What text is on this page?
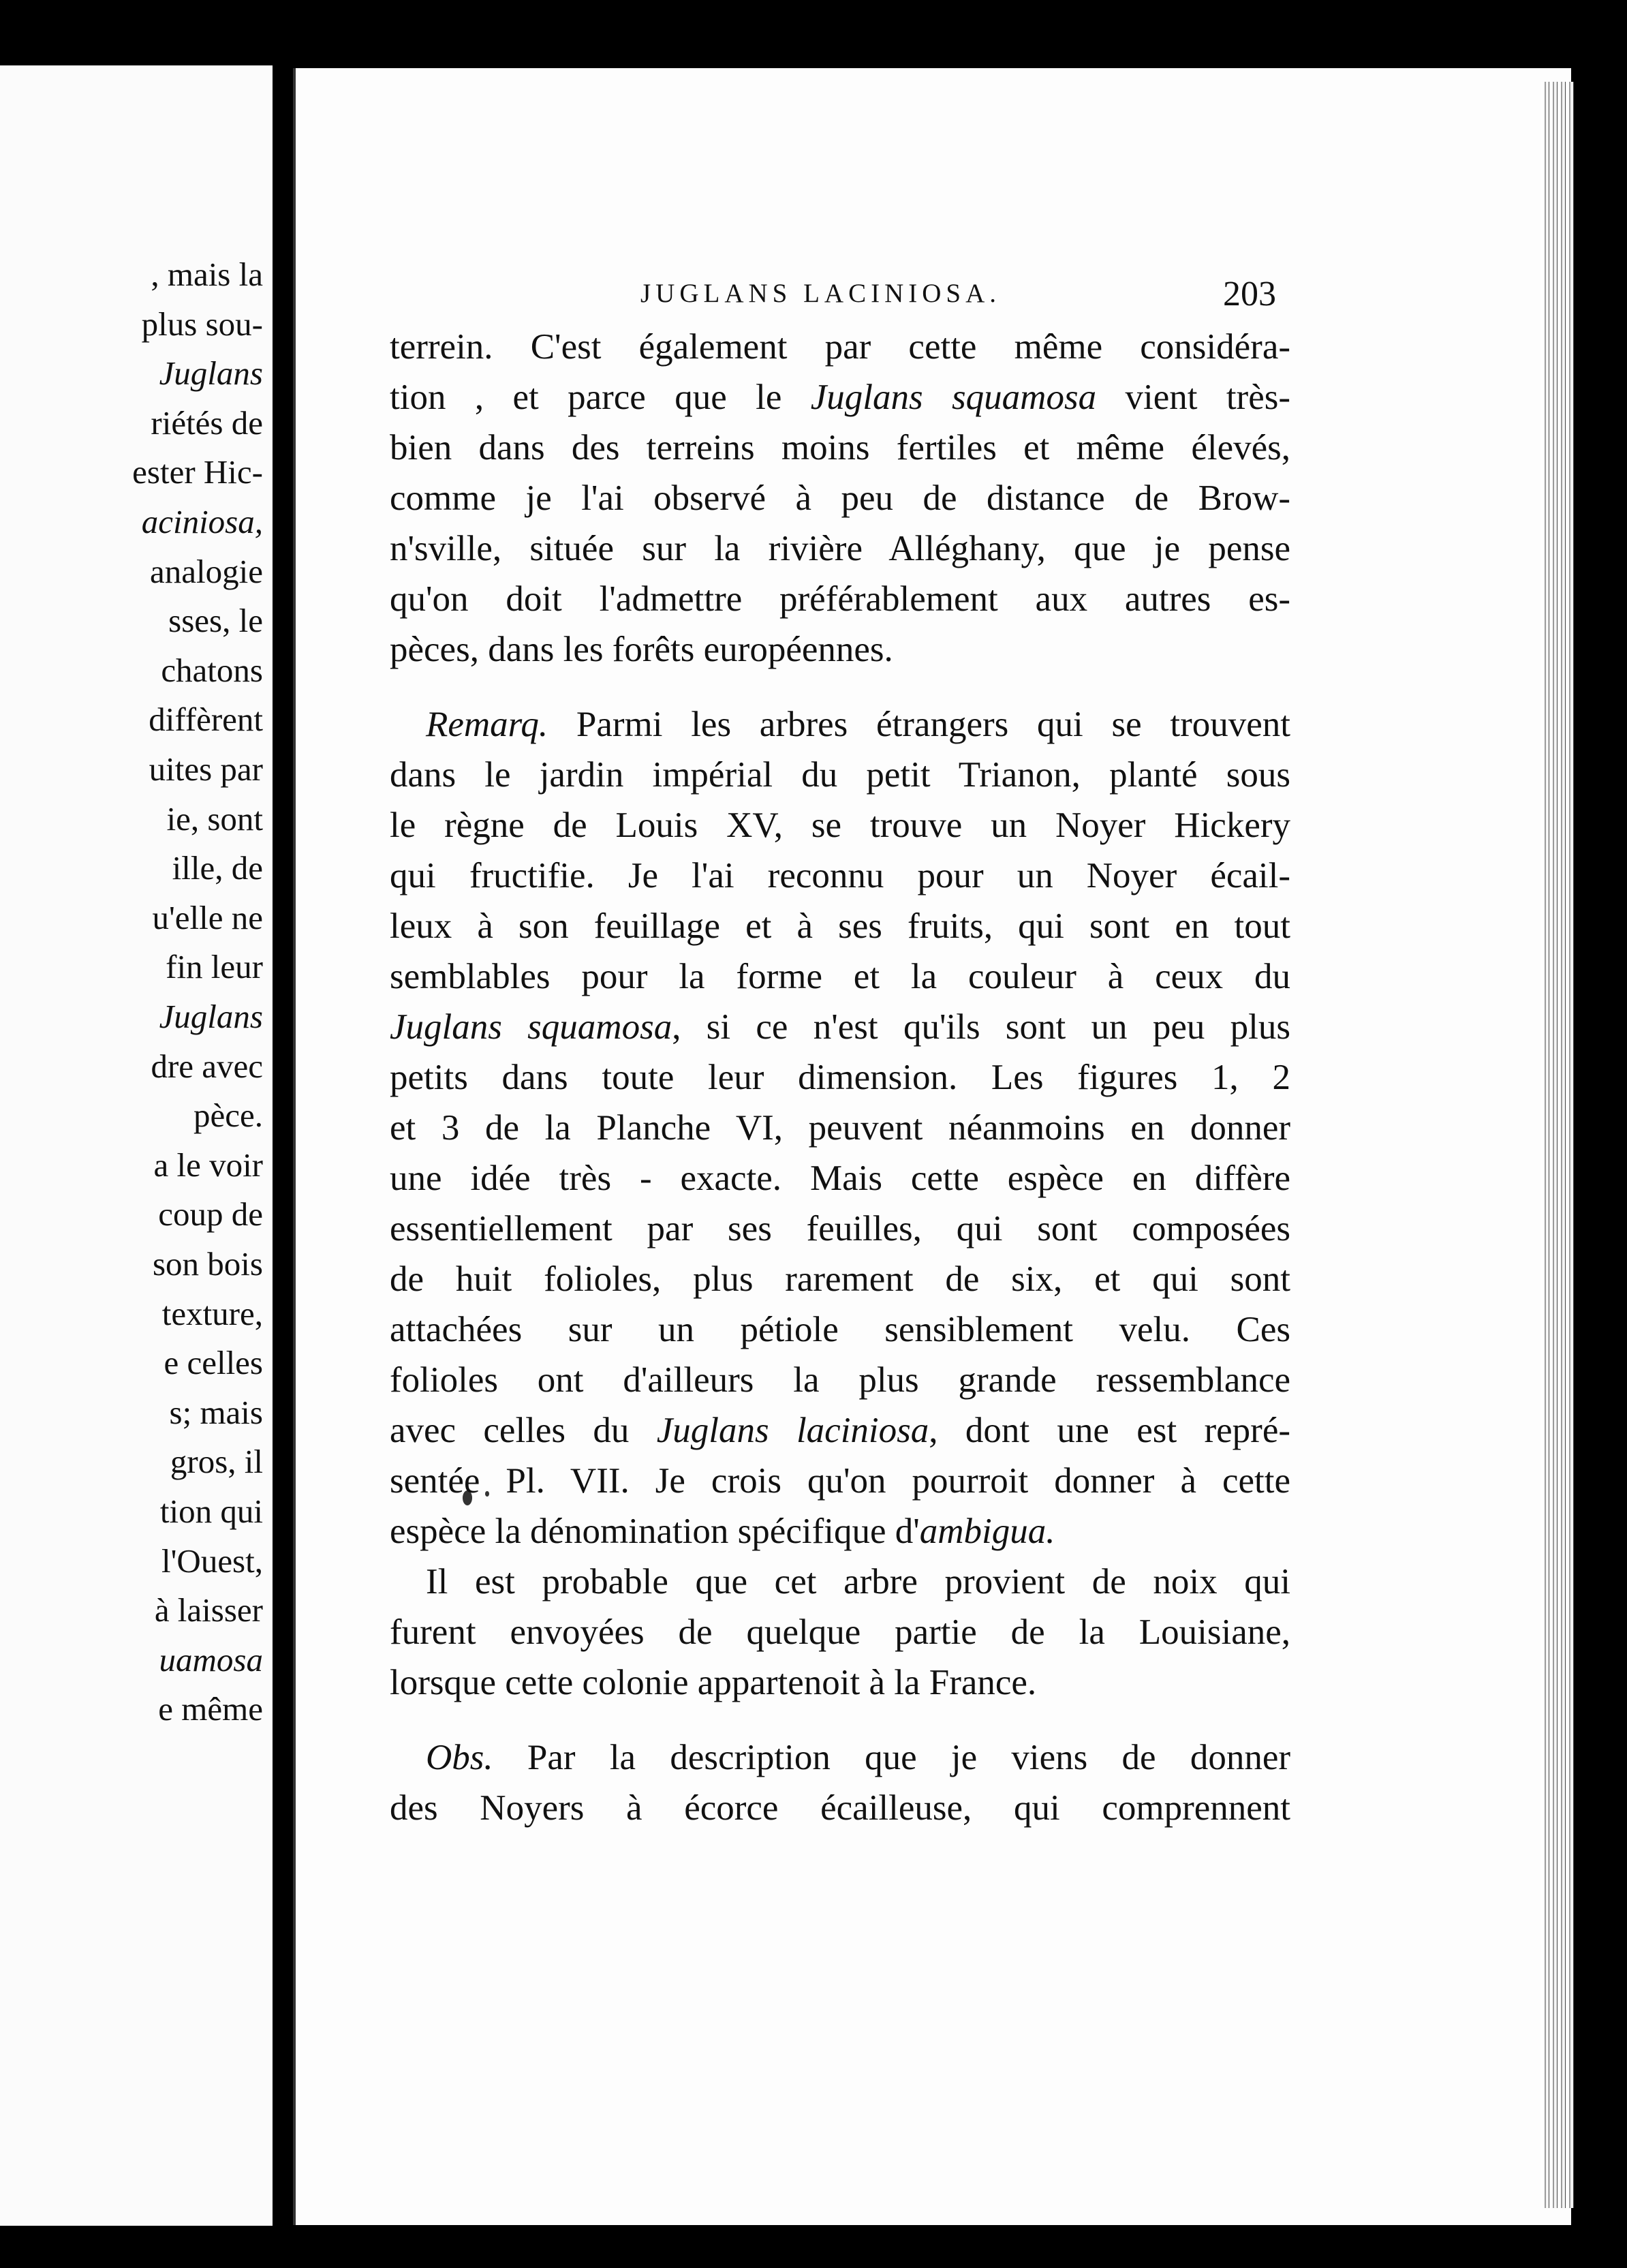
, mais la
plus sou-
Juglans
riétés de
ester Hic-
aciniosa,
analogie
sses, le
chatons
diffèrent
uites par
ie, sont
ille, de
u'elle ne
fin leur
Juglans
dre avec
pèce.
a le voir
coup de
son bois
texture,
e celles
s; mais
gros, il
tion qui
l'Ouest,
à laisser
uamosa
e même
JUGLANS LACINIOSA.	203
terrein. C'est également par cette même considéra-
tion , et parce que le Juglans squamosa vient très-
bien dans des terreins moins fertiles et même élevés,
comme je l'ai observé à peu de distance de Brow-
n'sville, située sur la rivière Alléghany, que je pense
qu'on doit l'admettre préférablement aux autres es-
pèces, dans les forêts européennes.
 Remarq. Parmi les arbres étrangers qui se trouvent
dans le jardin impérial du petit Trianon, planté sous
le règne de Louis XV, se trouve un Noyer Hickery
qui fructifie. Je l'ai reconnu pour un Noyer écail-
leux à son feuillage et à ses fruits, qui sont en tout
semblables pour la forme et la couleur à ceux du
Juglans squamosa, si ce n'est qu'ils sont un peu plus
petits dans toute leur dimension. Les figures 1, 2
et 3 de la Planche VI, peuvent néanmoins en donner
une idée très - exacte. Mais cette espèce en diffère
essentiellement par ses feuilles, qui sont composées
de huit folioles, plus rarement de six, et qui sont
attachées sur un pétiole sensiblement velu. Ces
folioles ont d'ailleurs la plus grande ressemblance
avec celles du Juglans laciniosa, dont une est repré-
sentée Pl. VII. Je crois qu'on pourroit donner à cette
espèce la dénomination spécifique d'ambigua.
 Il est probable que cet arbre provient de noix qui
furent envoyées de quelque partie de la Louisiane,
lorsque cette colonie appartenoit à la France.
 Obs. Par la description que je viens de donner
des Noyers à écorce écailleuse, qui comprennent
